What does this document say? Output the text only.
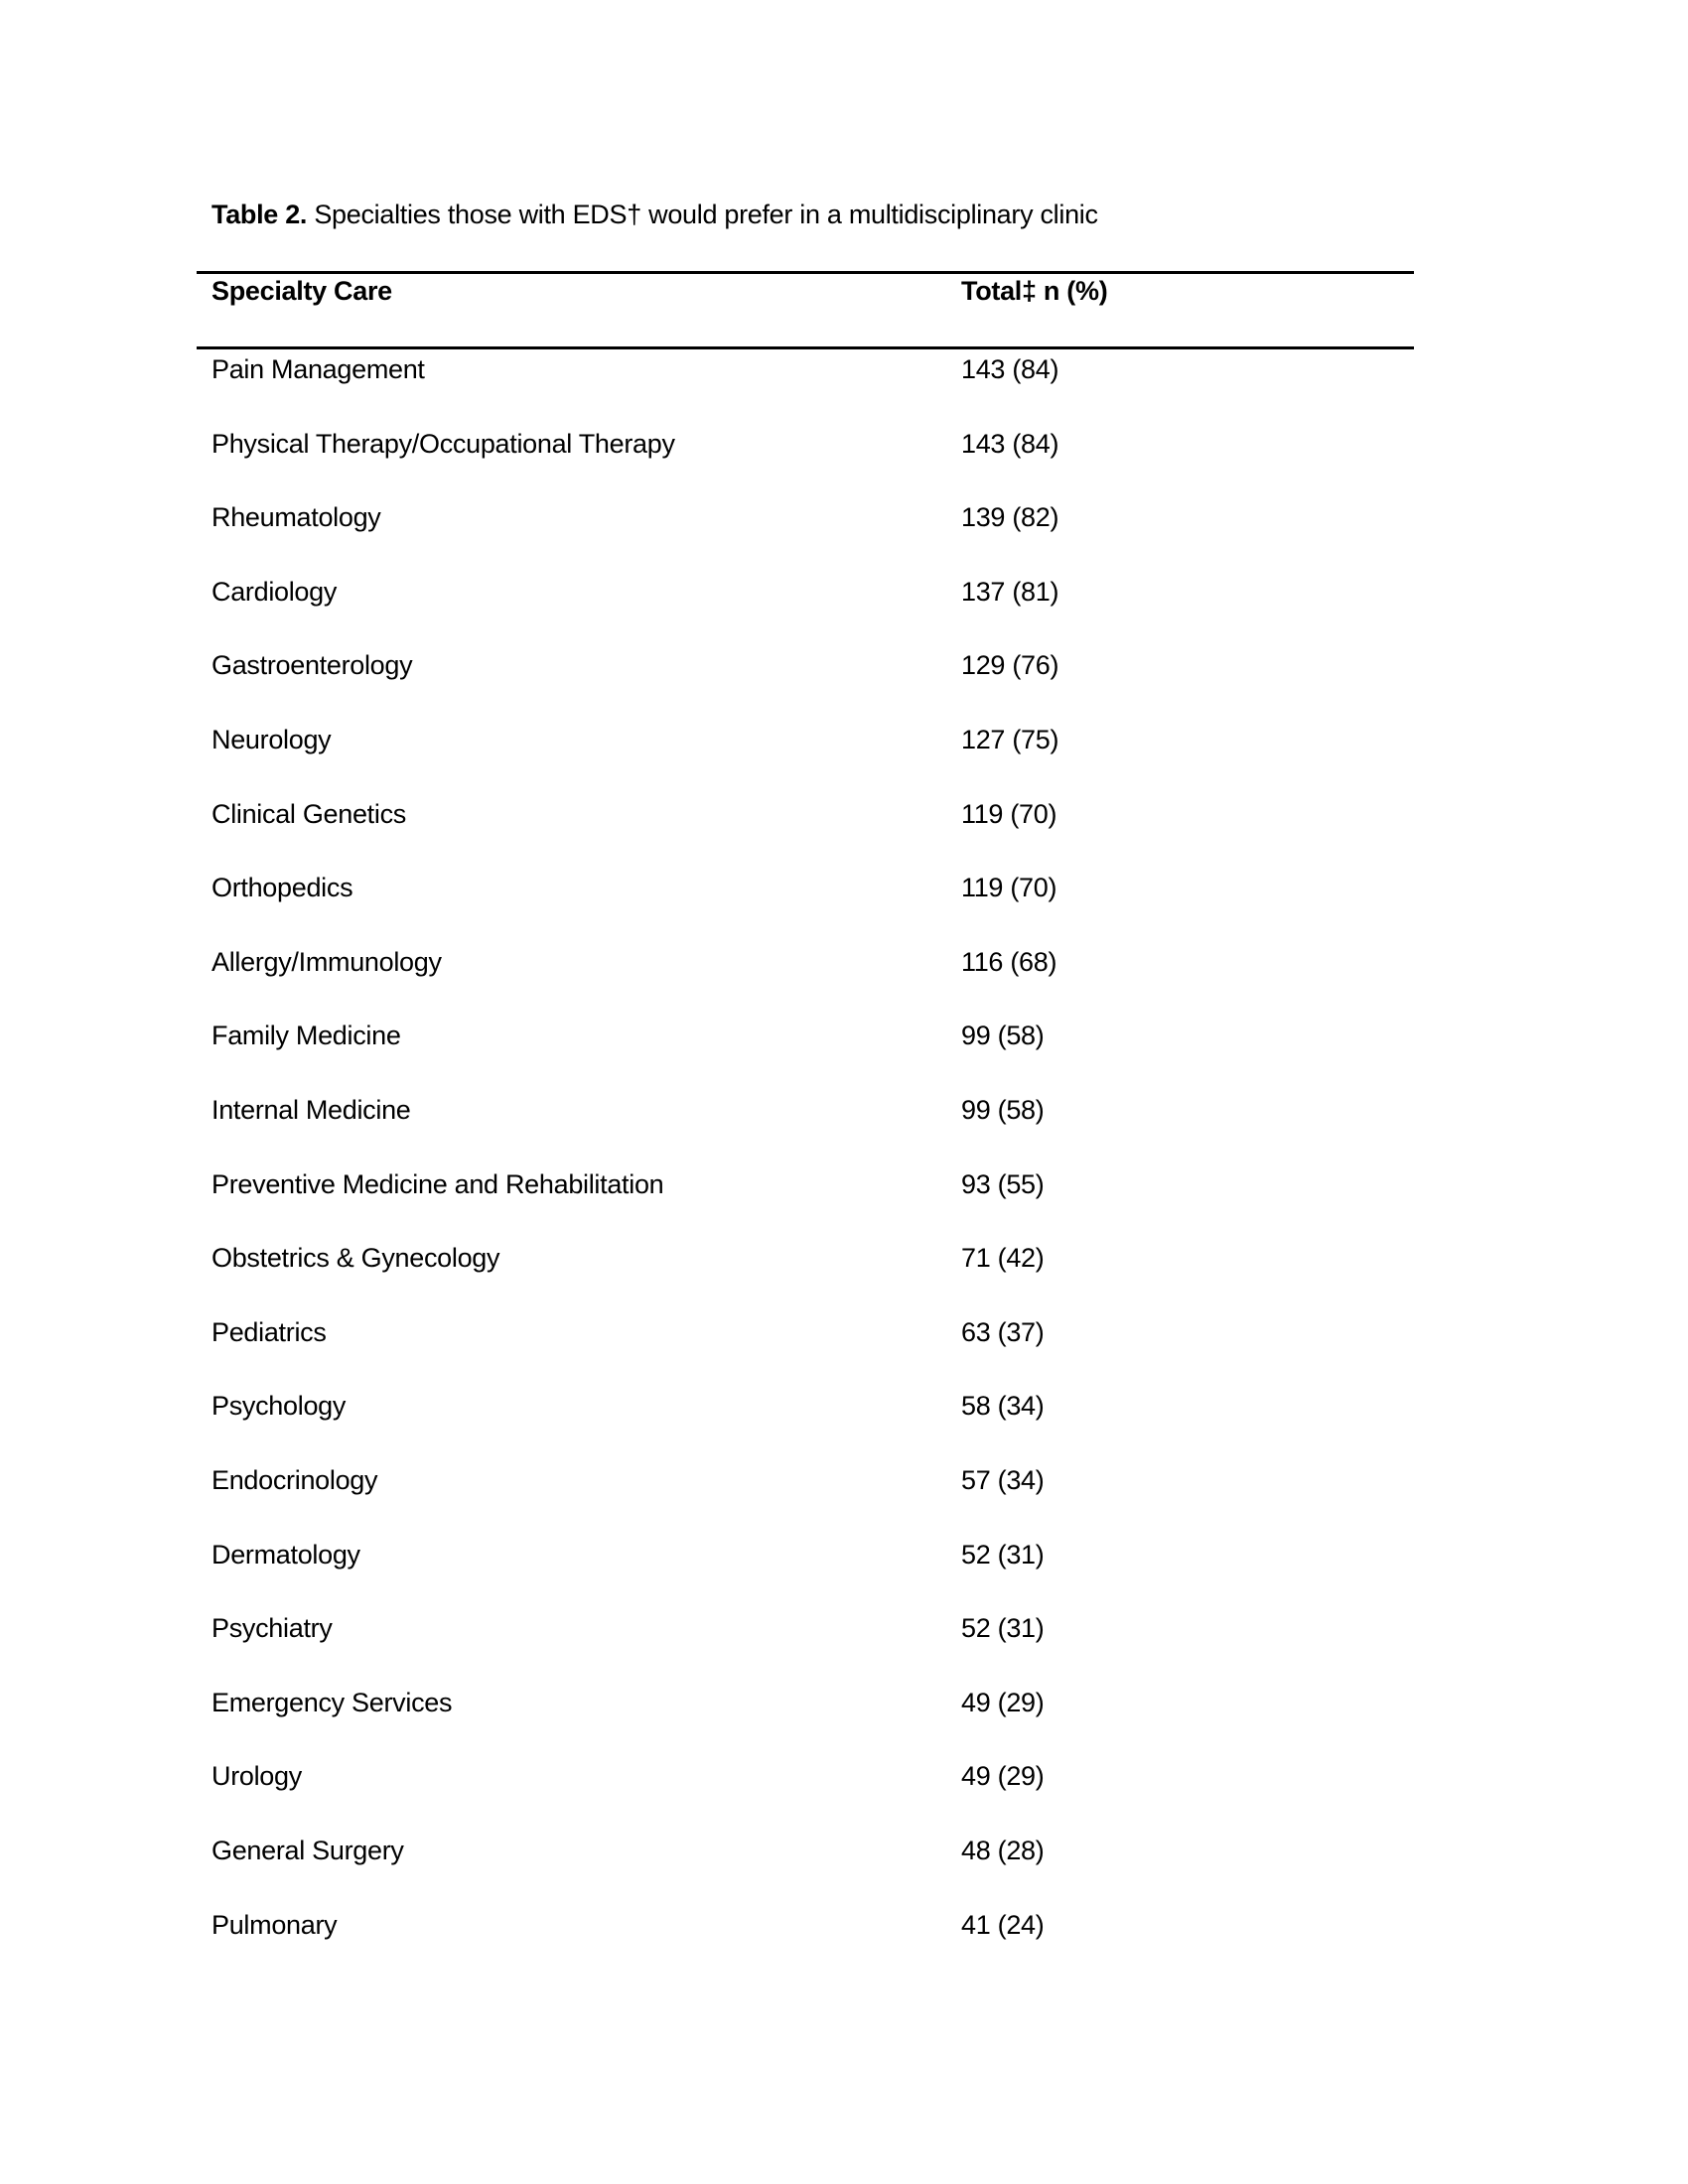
Table 2. Specialties those with EDS† would prefer in a multidisciplinary clinic
Specialty Care	Total‡ n (%)
Pain Management	143 (84)
Physical Therapy/Occupational Therapy	143 (84)
Rheumatology	139 (82)
Cardiology	137 (81)
Gastroenterology	129 (76)
Neurology	127 (75)
Clinical Genetics	119 (70)
Orthopedics	119 (70)
Allergy/Immunology	116 (68)
Family Medicine	99 (58)
Internal Medicine	99 (58)
Preventive Medicine and Rehabilitation	93 (55)
Obstetrics & Gynecology	71 (42)
Pediatrics	63 (37)
Psychology	58 (34)
Endocrinology	57 (34)
Dermatology	52 (31)
Psychiatry	52 (31)
Emergency Services	49 (29)
Urology	49 (29)
General Surgery	48 (28)
Pulmonary	41 (24)
